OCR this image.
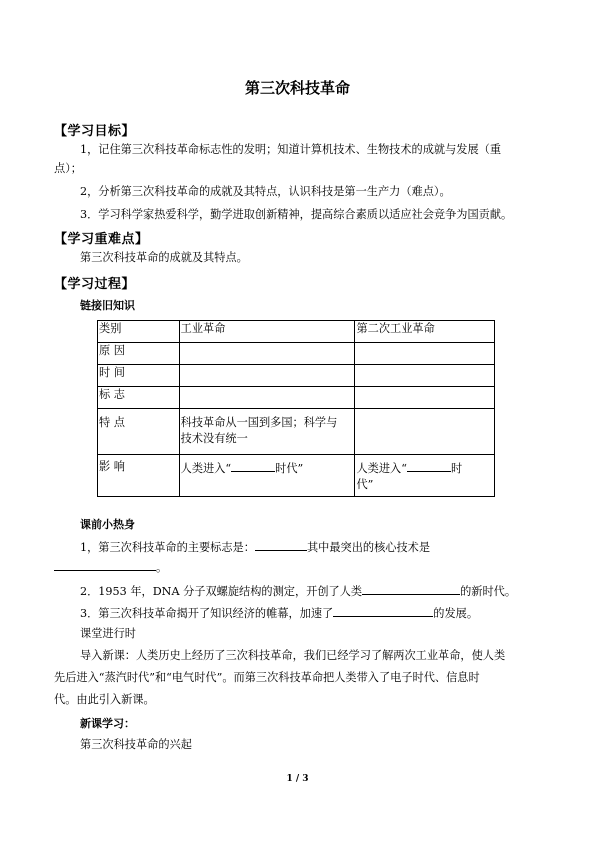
第三次科技革命
【学习目标】
1，记住第三次科技革命标志性的发明；知道计算机技术、生物技术的成就与发展（重
点）；
2，分析第三次科技革命的成就及其特点，认识科技是第一生产力（难点）。
3．学习科学家热爱科学，勤学进取创新精神，提高综合素质以适应社会竞争为国贡献。
【学习重难点】
第三次科技革命的成就及其特点。
【学习过程】
链接旧知识
类别	工业革命	第二次工业革命
原 因		
时 间		
标 志		
特 点	科技革命从一国到多国；科学与
技术没有统一	

影 响	人类进入“ 时代”	人类进入“ 时
代”
课前小热身
1，第三次科技革命的主要标志是：	其中最突出的核心技术是
。
2．1953 年，DNA 分子双螺旋结构的测定，开创了人类	的新时代。
3．第三次科技革命揭开了知识经济的帷幕，加速了	的发展。
课堂进行时
导入新课：人类历史上经历了三次科技革命，我们已经学习了解两次工业革命，使人类
先后进入“蒸汽时代”和“电气时代”。而第三次科技革命把人类带入了电子时代、信息时
代。由此引入新课。
新课学习：
第三次科技革命的兴起
1 / 3
